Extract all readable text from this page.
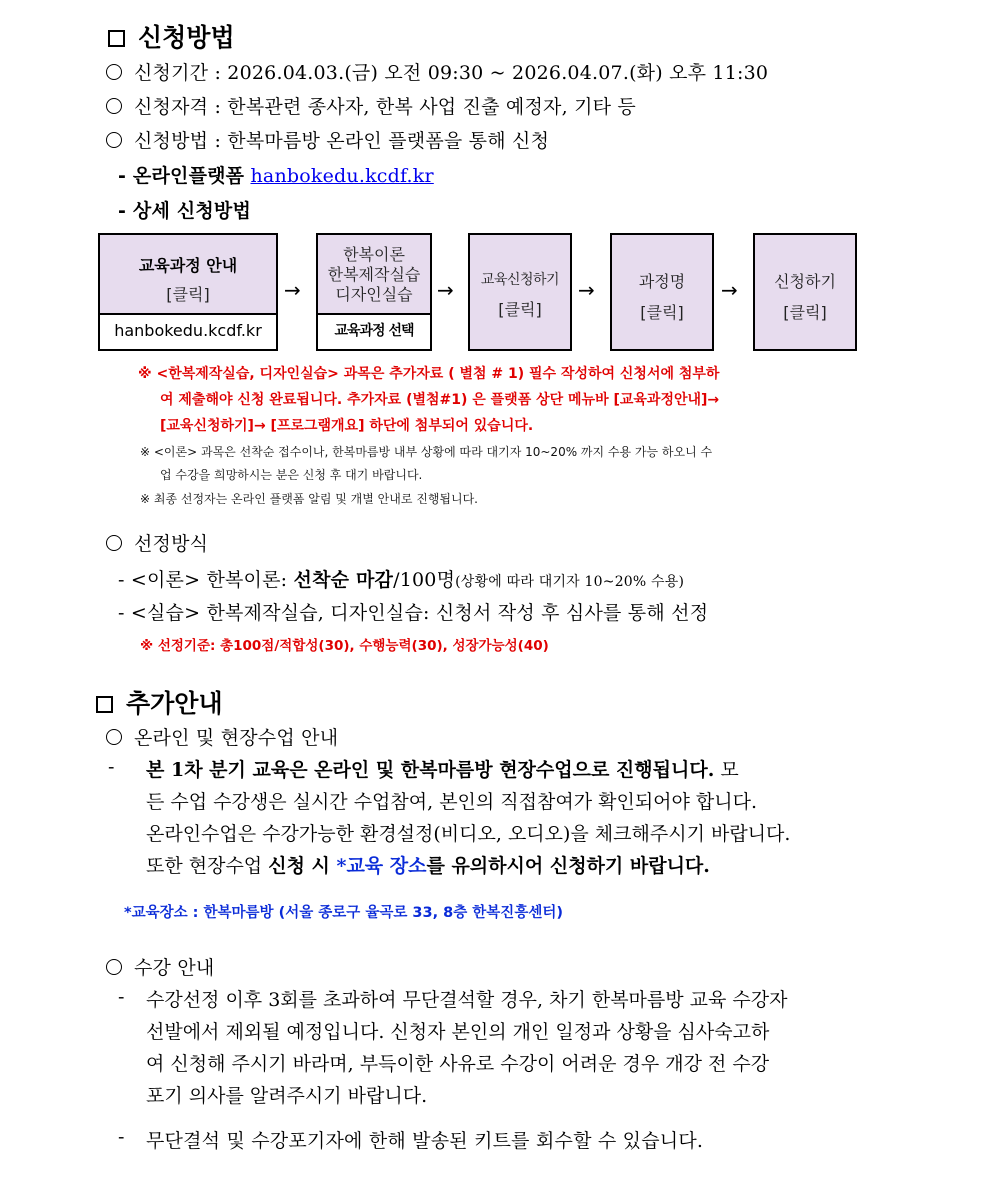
신청방법
신청기간 : 2026.04.03.(금) 오전 09:30 ~ 2026.04.07.(화) 오후 11:30
신청자격 : 한복관련 종사자, 한복 사업 진출 예정자, 기타 등
신청방법 : 한복마름방 온라인 플랫폼을 통해 신청
- 온라인플랫폼 hanbokedu.kcdf.kr
- 상세 신청방법
교육과정 안내
[클릭]
hanbokedu.kcdf.kr
→
한복이론
한복제작실습
디자인실습
교육과정 선택
→	교육신청하기
[클릭]
→	과정명
[클릭]
→	신청하기
[클릭]
※ <한복제작실습, 디자인실습> 과목은 추가자료 ( 별첨 # 1) 필수 작성하여 신청서에 첨부하
여 제출해야 신청 완료됩니다. 추가자료 (별첨#1) 은 플랫폼 상단 메뉴바 [교육과정안내]→
[교육신청하기]→ [프로그램개요] 하단에 첨부되어 있습니다.
※ <이론> 과목은 선착순 접수이나, 한복마름방 내부 상황에 따라 대기자 10~20% 까지 수용 가능 하오니 수
업 수강을 희망하시는 분은 신청 후 대기 바랍니다.
※ 최종 선정자는 온라인 플랫폼 알림 및 개별 안내로 진행됩니다.
선정방식
- <이론> 한복이론: 선착순 마감/100명(상황에 따라 대기자 10~20% 수용)
- <실습> 한복제작실습, 디자인실습: 신청서 작성 후 심사를 통해 선정
※ 선정기준: 총100점/적합성(30), 수행능력(30), 성장가능성(40)
추가안내
온라인 및 현장수업 안내
- 본 1차 분기 교육은 온라인 및 한복마름방 현장수업으로 진행됩니다. 모
든 수업 수강생은 실시간 수업참여, 본인의 직접참여가 확인되어야 합니다.
온라인수업은 수강가능한 환경설정(비디오, 오디오)을 체크해주시기 바랍니다.
또한 현장수업 신청 시 *교육 장소를 유의하시어 신청하기 바랍니다.
*교육장소 : 한복마름방 (서울 종로구 율곡로 33, 8층 한복진흥센터)
수강 안내
- 수강선정 이후 3회를 초과하여 무단결석할 경우, 차기 한복마름방 교육 수강자
선발에서 제외될 예정입니다. 신청자 본인의 개인 일정과 상황을 심사숙고하
여 신청해 주시기 바라며, 부득이한 사유로 수강이 어려운 경우 개강 전 수강
포기 의사를 알려주시기 바랍니다.
- 무단결석 및 수강포기자에 한해 발송된 키트를 회수할 수 있습니다.
